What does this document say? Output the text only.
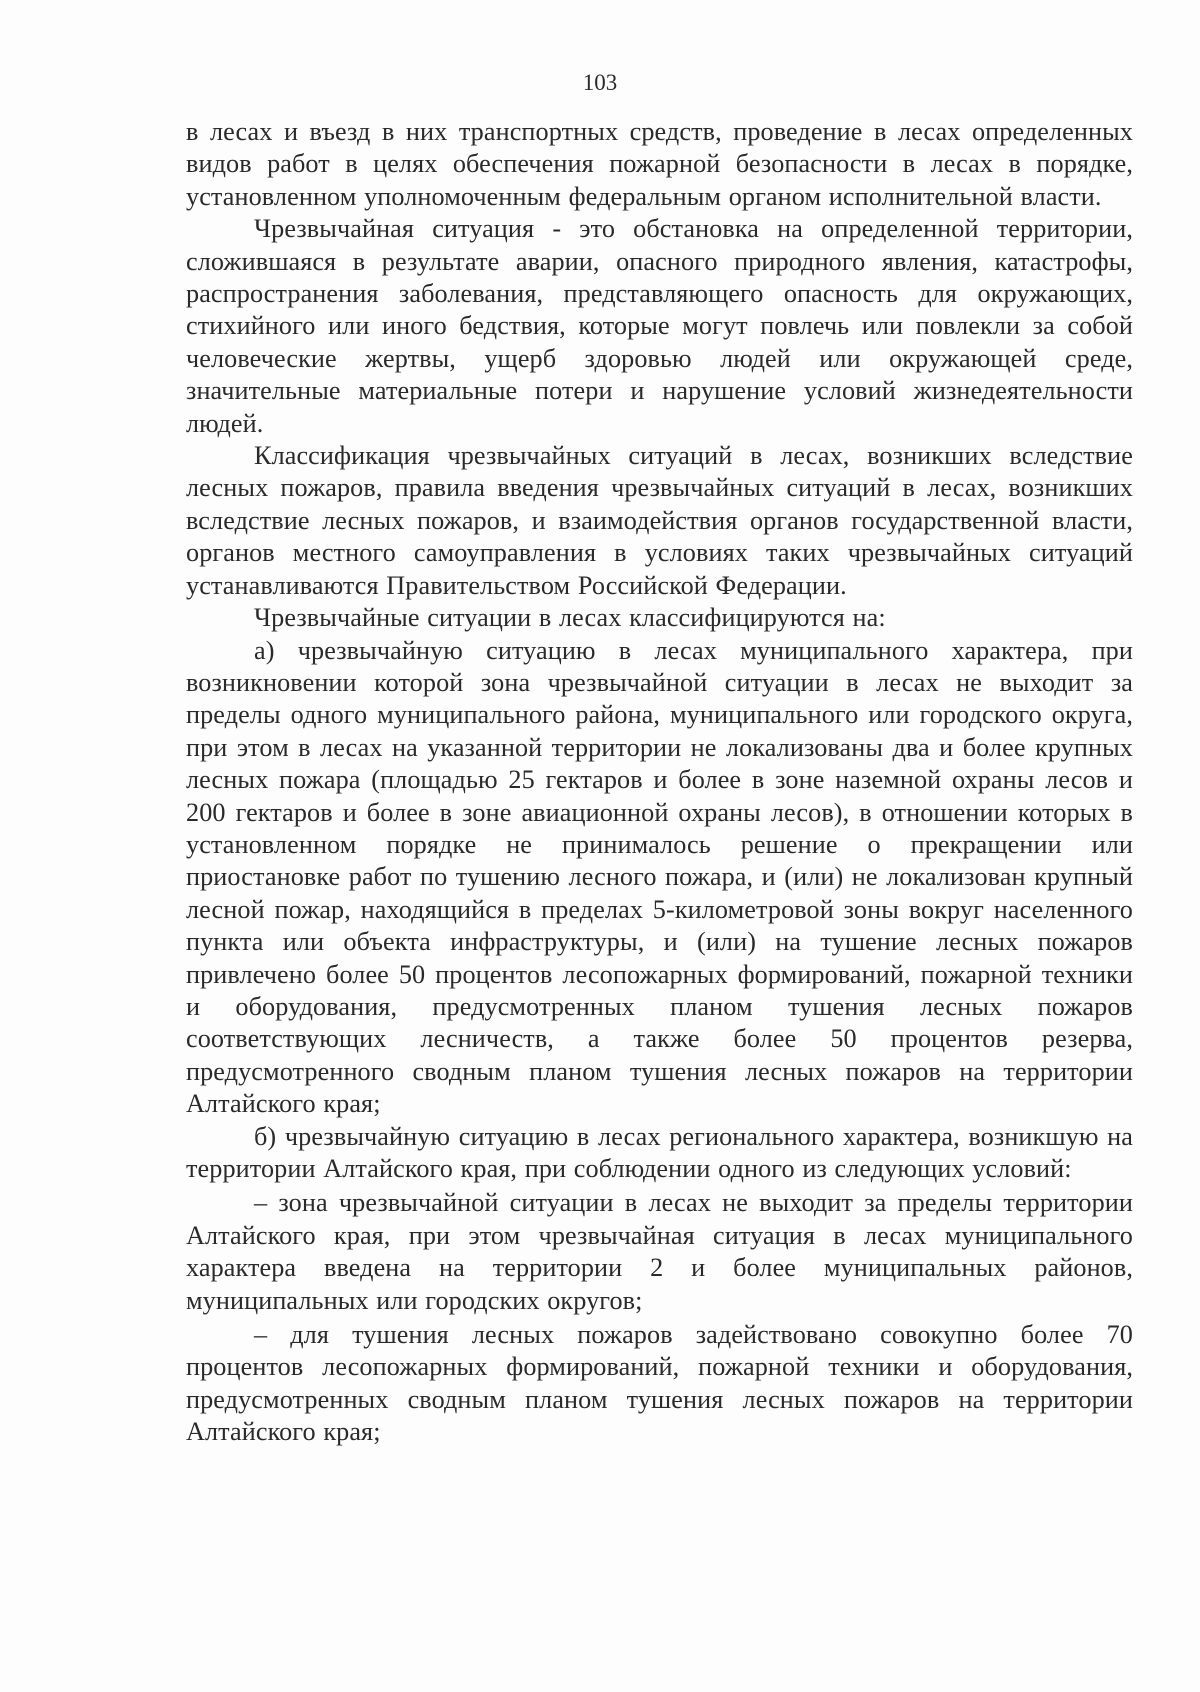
103

в лесах и въезд в них транспортных средств, проведение в лесах определенных видов работ в целях обеспечения пожарной безопасности в лесах в порядке, установленном уполномоченным федеральным органом исполнительной власти.

Чрезвычайная ситуация - это обстановка на определенной территории, сложившаяся в результате аварии, опасного природного явления, катастрофы, распространения заболевания, представляющего опасность для окружающих, стихийного или иного бедствия, которые могут повлечь или повлекли за собой человеческие жертвы, ущерб здоровью людей или окружающей среде, значительные материальные потери и нарушение условий жизнедеятельности людей.

Классификация чрезвычайных ситуаций в лесах, возникших вследствие лесных пожаров, правила введения чрезвычайных ситуаций в лесах, возникших вследствие лесных пожаров, и взаимодействия органов государственной власти, органов местного самоуправления в условиях таких чрезвычайных ситуаций устанавливаются Правительством Российской Федерации.

Чрезвычайные ситуации в лесах классифицируются на:

а) чрезвычайную ситуацию в лесах муниципального характера, при возникновении которой зона чрезвычайной ситуации в лесах не выходит за пределы одного муниципального района, муниципального или городского округа, при этом в лесах на указанной территории не локализованы два и более крупных лесных пожара (площадью 25 гектаров и более в зоне наземной охраны лесов и 200 гектаров и более в зоне авиационной охраны лесов), в отношении которых в установленном порядке не принималось решение о прекращении или приостановке работ по тушению лесного пожара, и (или) не локализован крупный лесной пожар, находящийся в пределах 5-километровой зоны вокруг населенного пункта или объекта инфраструктуры, и (или) на тушение лесных пожаров привлечено более 50 процентов лесопожарных формирований, пожарной техники и оборудования, предусмотренных планом тушения лесных пожаров соответствующих лесничеств, а также более 50 процентов резерва, предусмотренного сводным планом тушения лесных пожаров на территории Алтайского края;

б) чрезвычайную ситуацию в лесах регионального характера, возникшую на территории Алтайского края, при соблюдении одного из следующих условий:

– зона чрезвычайной ситуации в лесах не выходит за пределы территории Алтайского края, при этом чрезвычайная ситуация в лесах муниципального характера введена на территории 2 и более муниципальных районов, муниципальных или городских округов;

– для тушения лесных пожаров задействовано совокупно более 70 процентов лесопожарных формирований, пожарной техники и оборудования, предусмотренных сводным планом тушения лесных пожаров на территории Алтайского края;
